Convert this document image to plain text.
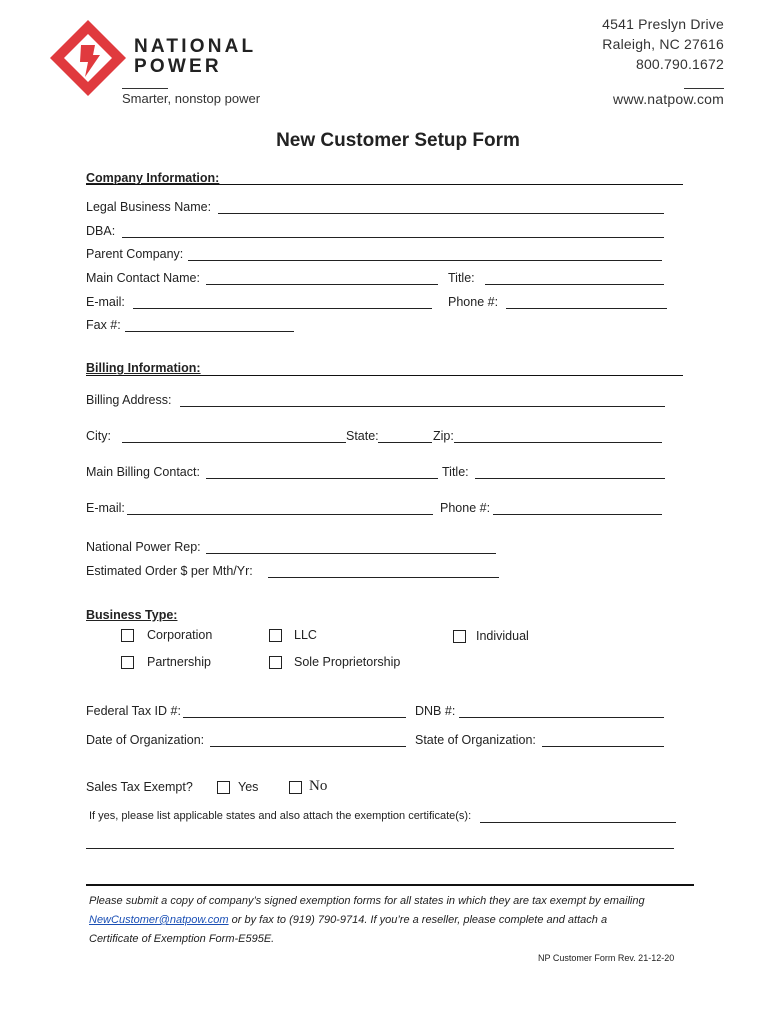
NATIONAL
POWER
Smarter, nonstop power
4541 Preslyn Drive
Raleigh, NC 27616
800.790.1672
www.natpow.com
New Customer Setup Form
Company Information:
Legal Business Name:
DBA:
Parent Company:
Main Contact Name:	Title:
E-mail:	Phone #:
Fax #:
Billing Information:
Billing Address:
City:	State:	Zip:
Main Billing Contact:	Title:
E-mail:	Phone #:
National Power Rep:
Estimated Order $ per Mth/Yr:
Business Type:
Corporation	LLC	Individual
Partnership	Sole Proprietorship
Federal Tax ID #:	DNB #:
Date of Organization:	State of Organization:
Sales Tax Exempt?	Yes	No
If yes, please list applicable states and also attach the exemption certificate(s):
Please submit a copy of company’s signed exemption forms for all states in which they are tax exempt by emailing
NewCustomer@natpow.com or by fax to (919) 790-9714. If you’re a reseller, please complete and attach a
Certificate of Exemption Form-E595E.
NP Customer Form Rev. 21-12-20
